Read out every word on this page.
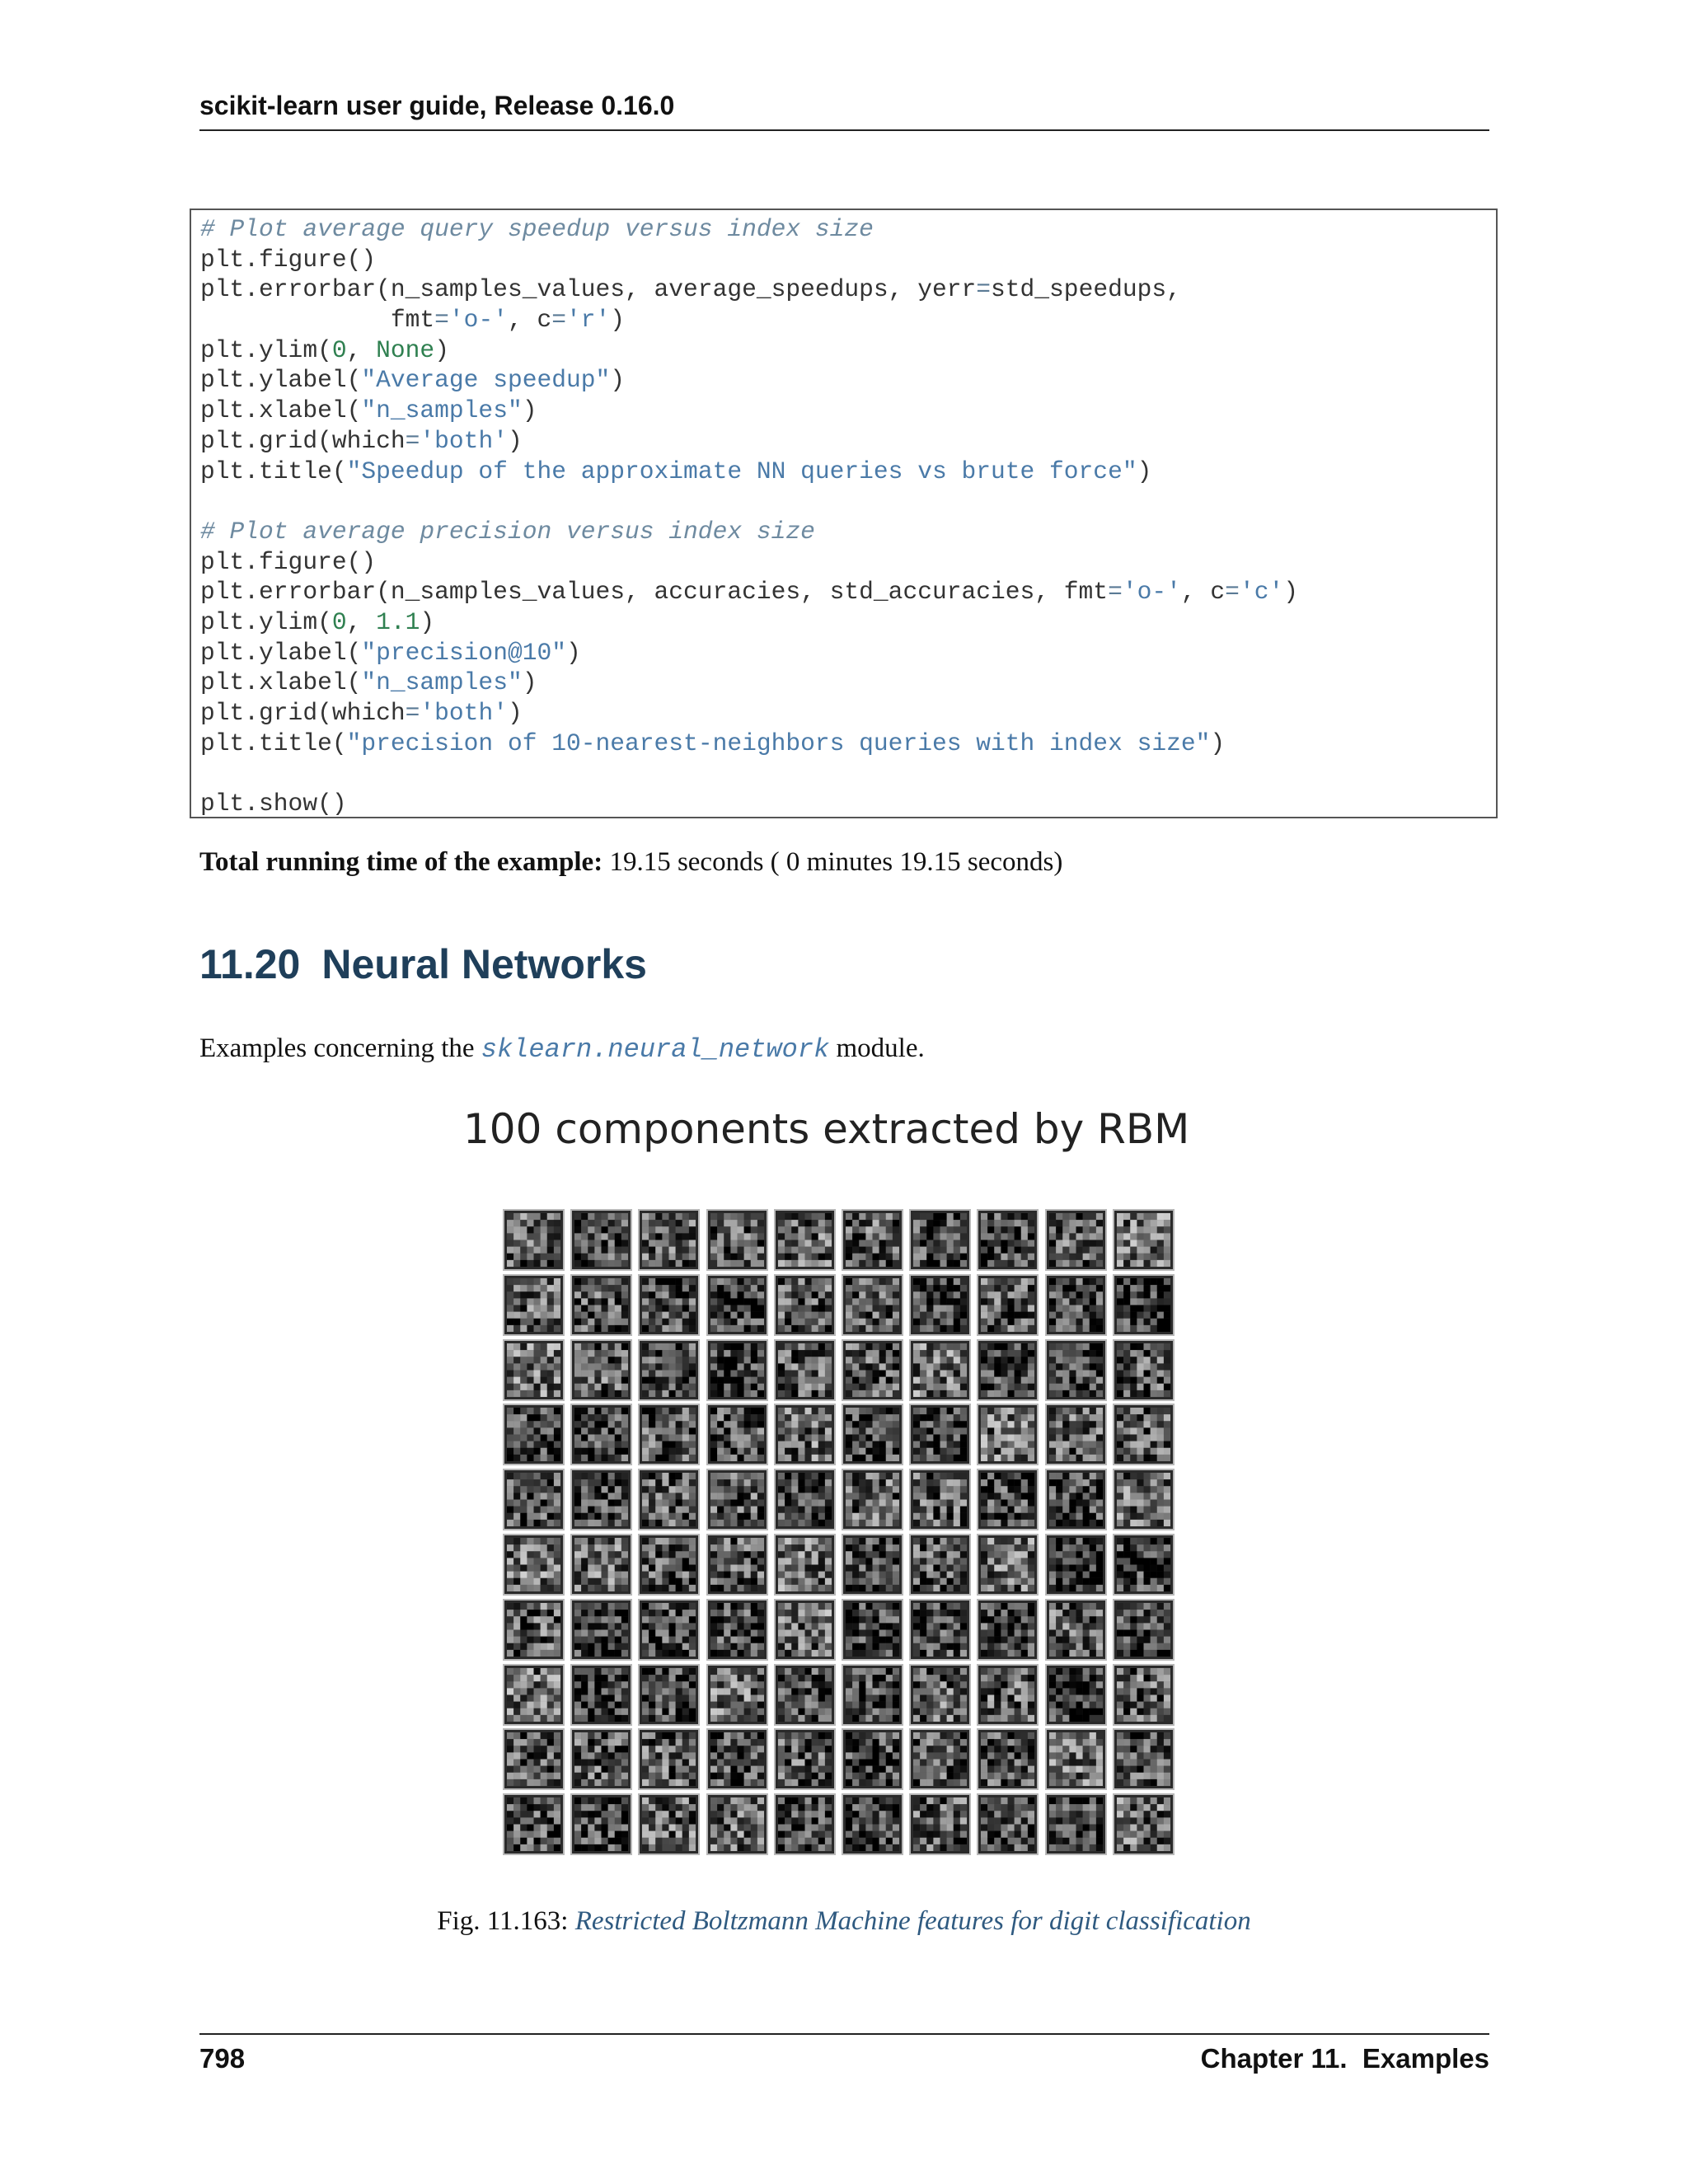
scikit-learn user guide, Release 0.16.0
# Plot average query speedup versus index size
plt.figure()
plt.errorbar(n_samples_values, average_speedups, yerr=std_speedups,
fmt='o-', c='r')
plt.ylim(0, None)
plt.ylabel("Average speedup")
plt.xlabel("n_samples")
plt.grid(which='both')
plt.title("Speedup of the approximate NN queries vs brute force")

# Plot average precision versus index size
plt.figure()
plt.errorbar(n_samples_values, accuracies, std_accuracies, fmt='o-', c='c')
plt.ylim(0, 1.1)
plt.ylabel("precision@10")
plt.xlabel("n_samples")
plt.grid(which='both')
plt.title("precision of 10-nearest-neighbors queries with index size")

plt.show()
Total running time of the example: 19.15 seconds ( 0 minutes 19.15 seconds)
11.20 Neural Networks
Examples concerning the sklearn.neural_network module.
100 components extracted by RBM
Fig. 11.163: Restricted Boltzmann Machine features for digit classification
798	Chapter 11.  Examples
